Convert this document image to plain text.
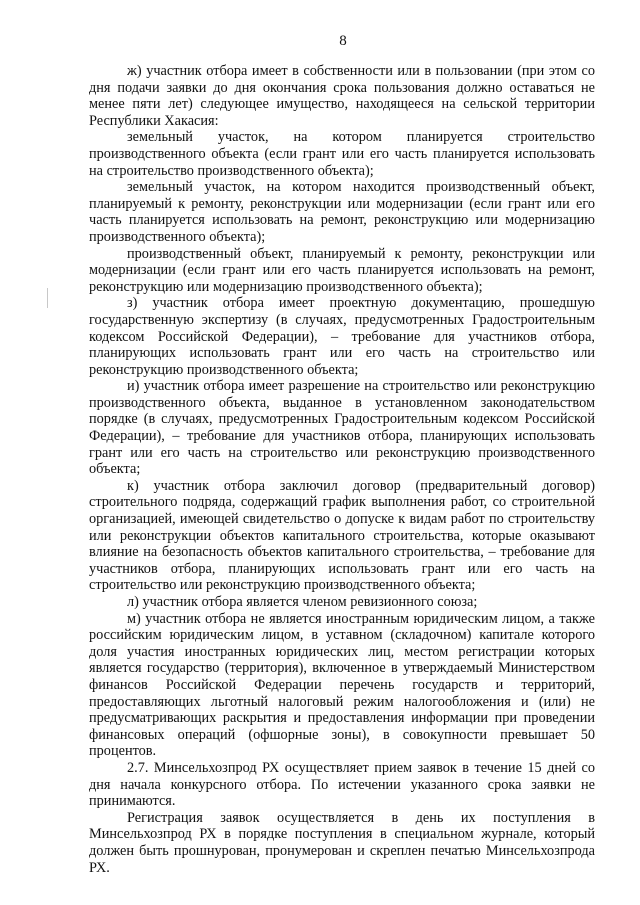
8

ж) участник отбора имеет в собственности или в пользовании (при этом со дня подачи заявки до дня окончания срока пользования должно оставаться не менее пяти лет) следующее имущество, находящееся на сельской территории Республики Хакасия:

земельный участок, на котором планируется строительство производственного объекта (если грант или его часть планируется использовать на строительство производственного объекта);

земельный участок, на котором находится производственный объект, планируемый к ремонту, реконструкции или модернизации (если грант или его часть планируется использовать на ремонт, реконструкцию или модернизацию производственного объекта);

производственный объект, планируемый к ремонту, реконструкции или модернизации (если грант или его часть планируется использовать на ремонт, реконструкцию или модернизацию производственного объекта);

з) участник отбора имеет проектную документацию, прошедшую государственную экспертизу (в случаях, предусмотренных Градостроительным кодексом Российской Федерации), – требование для участников отбора, планирующих использовать грант или его часть на строительство или реконструкцию производственного объекта;

и) участник отбора имеет разрешение на строительство или реконструкцию производственного объекта, выданное в установленном законодательством порядке (в случаях, предусмотренных Градостроительным кодексом Российской Федерации), – требование для участников отбора, планирующих использовать грант или его часть на строительство или реконструкцию производственного объекта;

к) участник отбора заключил договор (предварительный договор) строительного подряда, содержащий график выполнения работ, со строительной организацией, имеющей свидетельство о допуске к видам работ по строительству или реконструкции объектов капитального строительства, которые оказывают влияние на безопасность объектов капитального строительства, – требование для участников отбора, планирующих использовать грант или его часть на строительство или реконструкцию производственного объекта;

л) участник отбора является членом ревизионного союза;

м) участник отбора не является иностранным юридическим лицом, а также российским юридическим лицом, в уставном (складочном) капитале которого доля участия иностранных юридических лиц, местом регистрации которых является государство (территория), включенное в утверждаемый Министерством финансов Российской Федерации перечень государств и территорий, предоставляющих льготный налоговый режим налогообложения и (или) не предусматривающих раскрытия и предоставления информации при проведении финансовых операций (офшорные зоны), в совокупности превышает 50 процентов.

2.7. Минсельхозпрод РХ осуществляет прием заявок в течение 15 дней со дня начала конкурсного отбора. По истечении указанного срока заявки не принимаются.

Регистрация заявок осуществляется в день их поступления в Минсельхозпрод РХ в порядке поступления в специальном журнале, который должен быть прошнурован, пронумерован и скреплен печатью Минсельхозпрода РХ.
